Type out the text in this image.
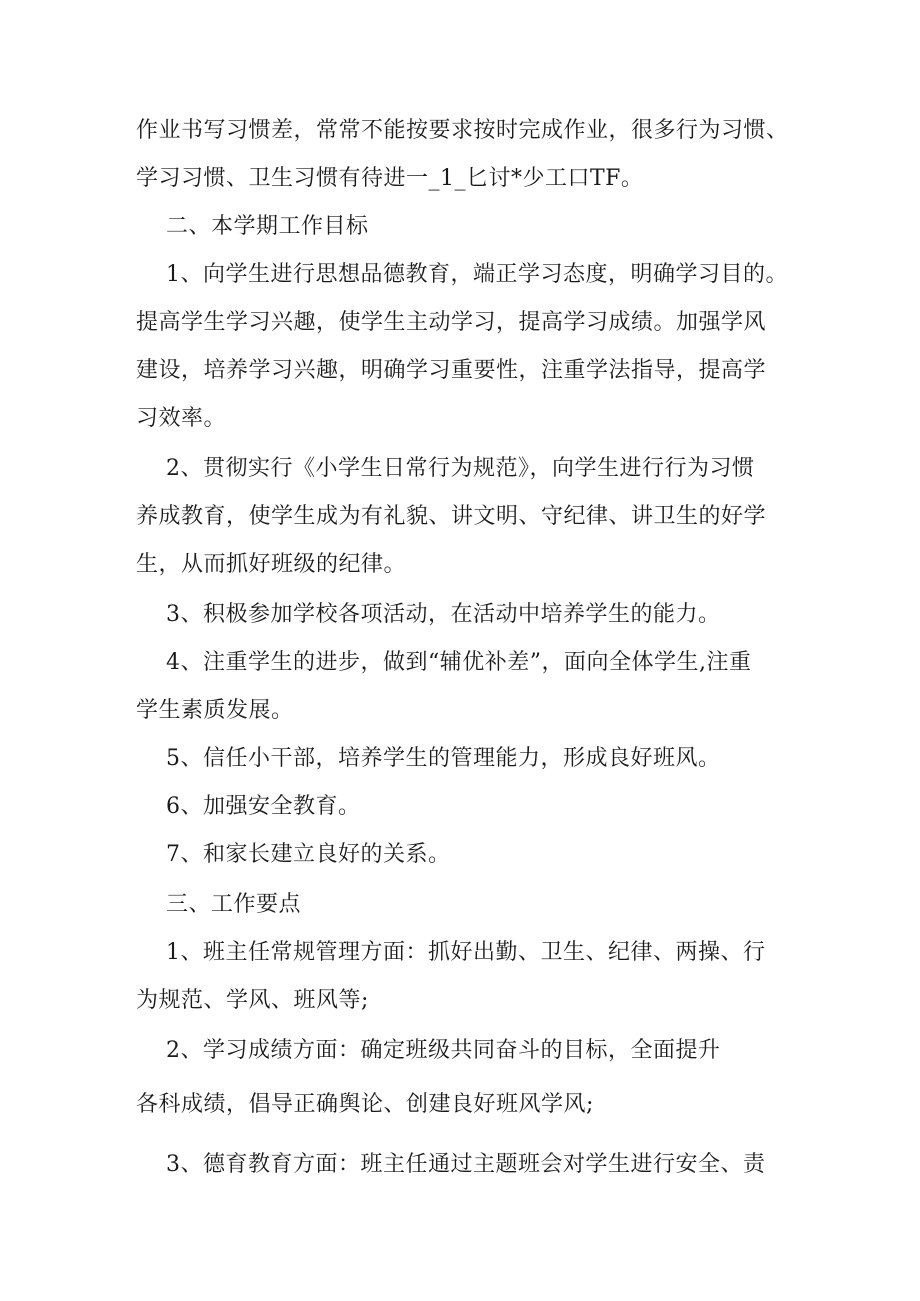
作业书写习惯差，常常不能按要求按时完成作业，很多行为习惯、
学习习惯、卫生习惯有待进一_1_匕讨*少工口TF。
二、本学期工作目标
1、向学生进行思想品德教育，端正学习态度，明确学习目的。
提高学生学习兴趣，使学生主动学习，提高学习成绩。加强学风
建设，培养学习兴趣，明确学习重要性，注重学法指导，提高学
习效率。
2、贯彻实行《小学生日常行为规范》，向学生进行行为习惯
养成教育，使学生成为有礼貌、讲文明、守纪律、讲卫生的好学
生，从而抓好班级的纪律。
3、积极参加学校各项活动，在活动中培养学生的能力。
4、注重学生的进步，做到“辅优补差”，面向全体学生,注重
学生素质发展。
5、信任小干部，培养学生的管理能力，形成良好班风。
6、加强安全教育。
7、和家长建立良好的关系。
三、工作要点
1、班主任常规管理方面：抓好出勤、卫生、纪律、两操、行
为规范、学风、班风等;
2、学习成绩方面：确定班级共同奋斗的目标，全面提升
各科成绩，倡导正确舆论、创建良好班风学风;
3、德育教育方面：班主任通过主题班会对学生进行安全、责
